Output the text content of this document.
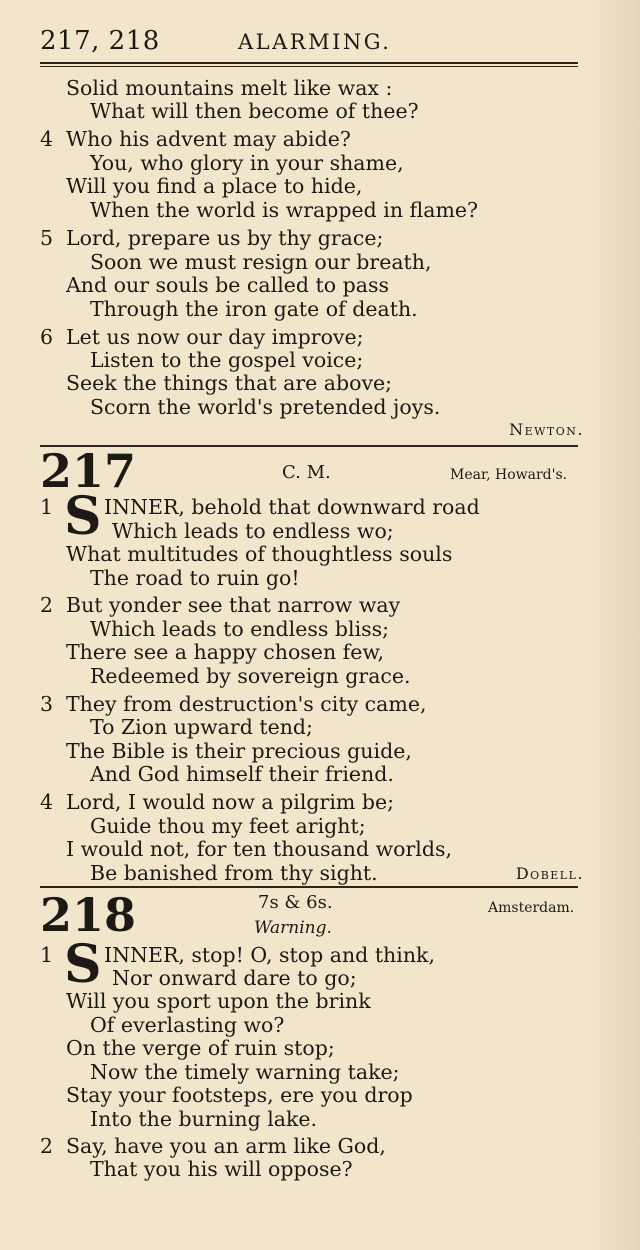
217, 218	ALARMING.
Solid mountains melt like wax :
What will then become of thee?
4 Who his advent may abide?
You, who glory in your shame,
Will you find a place to hide,
When the world is wrapped in flame?
5 Lord, prepare us by thy grace;
Soon we must resign our breath,
And our souls be called to pass
Through the iron gate of death.
6 Let us now our day improve;
Listen to the gospel voice;
Seek the things that are above;
Scorn the world's pretended joys.
Newton.
217	C. M.	Mear, Howard's.
1 S INNER, behold that downward road
Which leads to endless wo;
What multitudes of thoughtless souls
The road to ruin go!
2 But yonder see that narrow way
Which leads to endless bliss;
There see a happy chosen few,
Redeemed by sovereign grace.
3 They from destruction's city came,
To Zion upward tend;
The Bible is their precious guide,
And God himself their friend.
4 Lord, I would now a pilgrim be;
Guide thou my feet aright;
I would not, for ten thousand worlds,
Be banished from thy sight.	Dobell.
218	7s & 6s.	Amsterdam.
Warning.
1 S INNER, stop! O, stop and think,
Nor onward dare to go;
Will you sport upon the brink
Of everlasting wo?
On the verge of ruin stop;
Now the timely warning take;
Stay your footsteps, ere you drop
Into the burning lake.
2 Say, have you an arm like God,
That you his will oppose?
